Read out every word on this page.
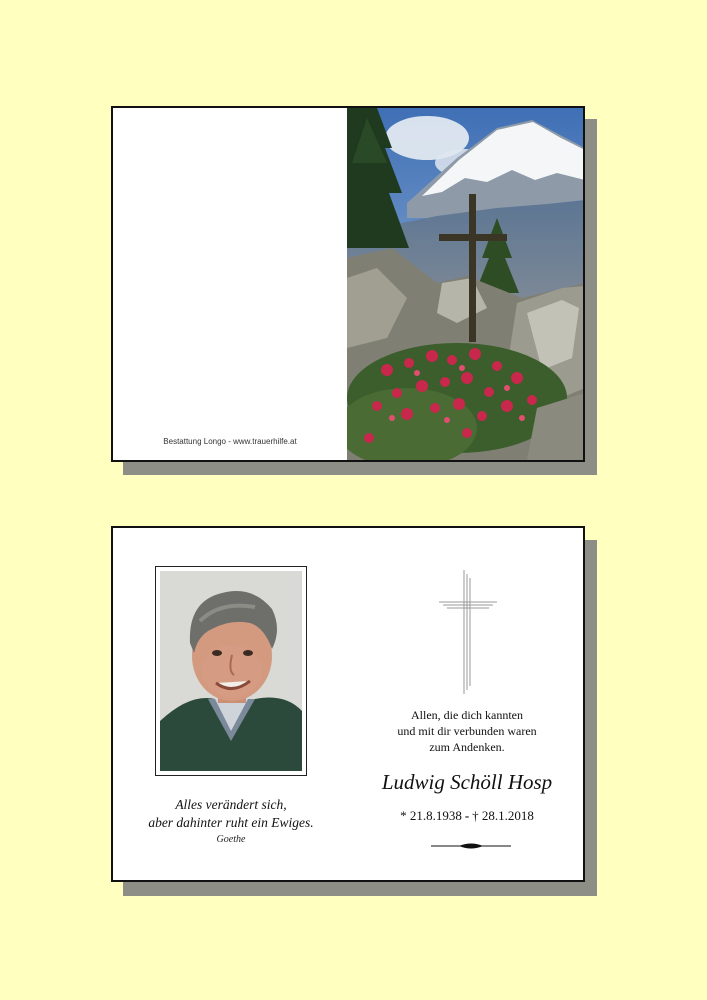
Bestattung Longo - www.trauerhilfe.at
Alles verändert sich,
aber dahinter ruht ein Ewiges.
Goethe
Allen, die dich kannten
und mit dir verbunden waren
zum Andenken.
Ludwig Schöll Hosp
* 21.8.1938 - † 28.1.2018
